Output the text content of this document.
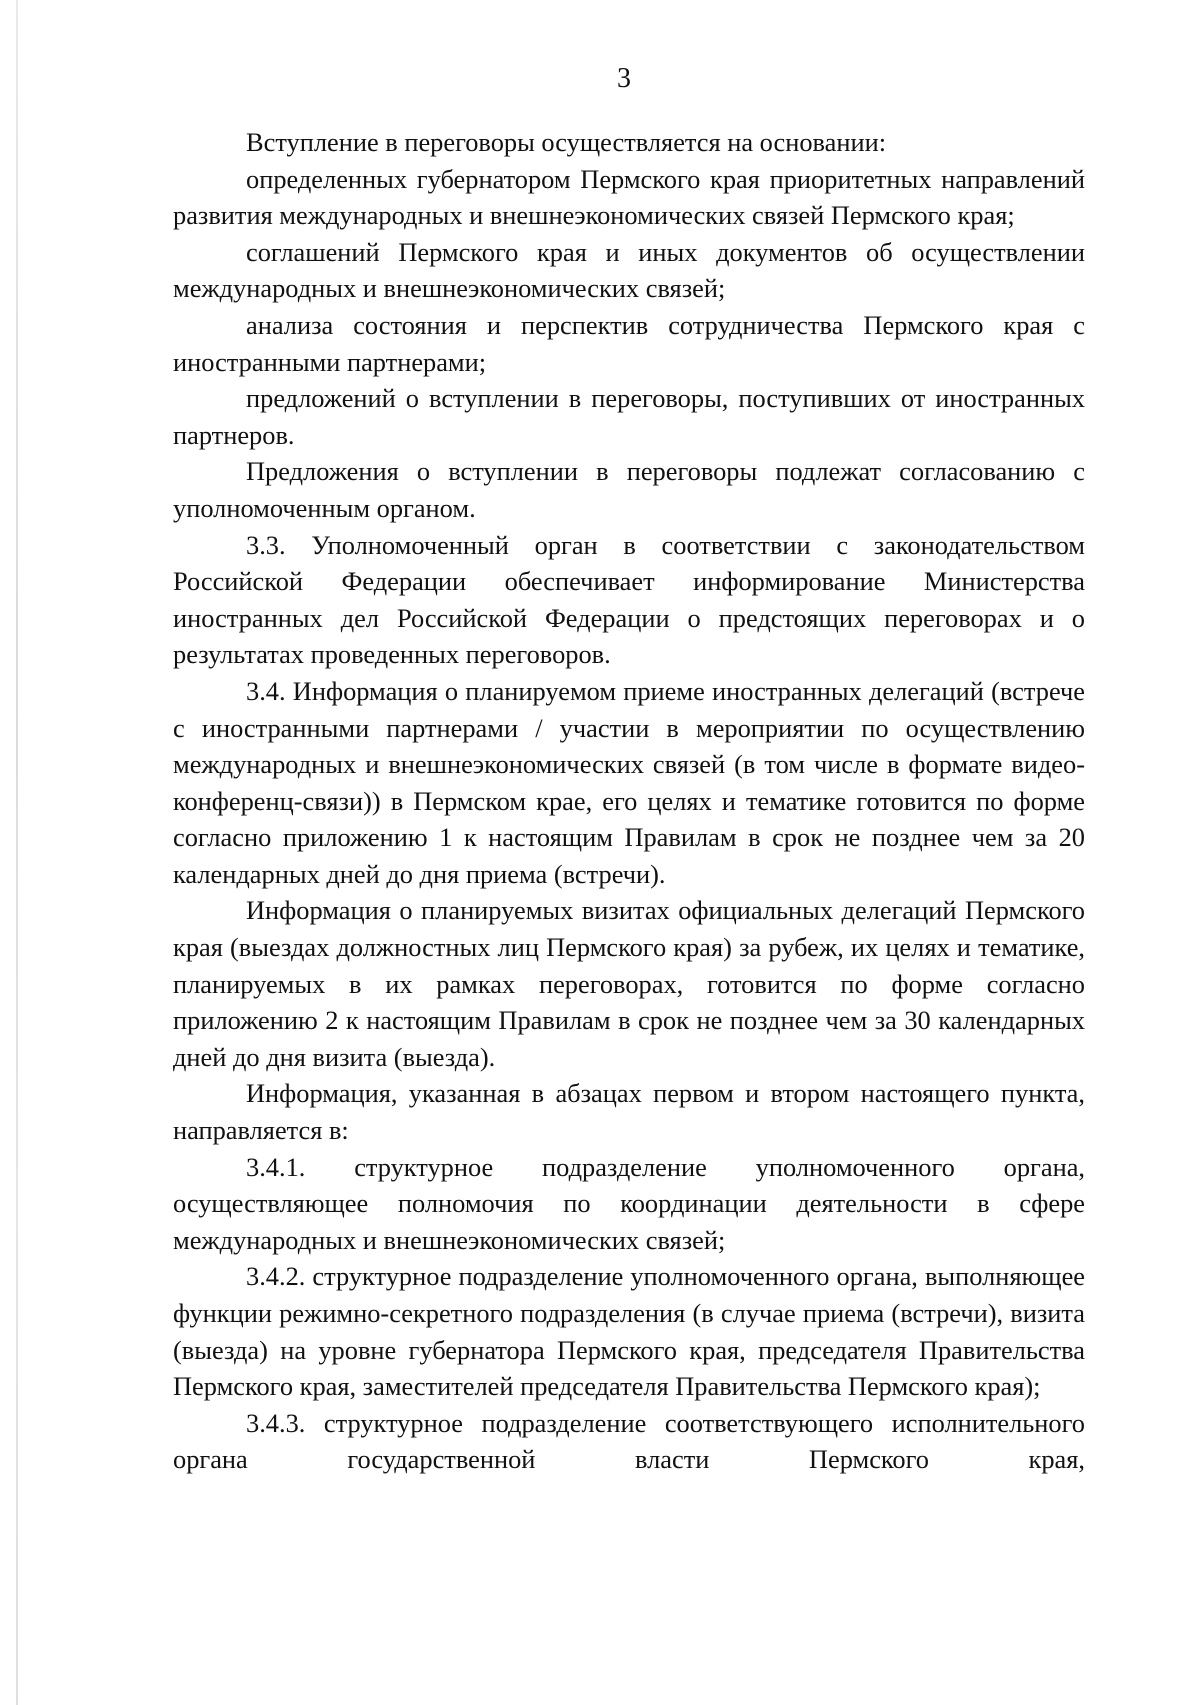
3

Вступление в переговоры осуществляется на основании:

определенных губернатором Пермского края приоритетных направлений развития международных и внешнеэкономических связей Пермского края;

соглашений Пермского края и иных документов об осуществлении международных и внешнеэкономических связей;

анализа состояния и перспектив сотрудничества Пермского края с иностранными партнерами;

предложений о вступлении в переговоры, поступивших от иностранных партнеров.

Предложения о вступлении в переговоры подлежат согласованию с уполномоченным органом.

3.3. Уполномоченный орган в соответствии с законодательством Российской Федерации обеспечивает информирование Министерства иностранных дел Российской Федерации о предстоящих переговорах и о результатах проведенных переговоров.

3.4. Информация о планируемом приеме иностранных делегаций (встрече с иностранными партнерами / участии в мероприятии по осуществлению международных и внешнеэкономических связей (в том числе в формате видео-конференц-связи)) в Пермском крае, его целях и тематике готовится по форме согласно приложению 1 к настоящим Правилам в срок не позднее чем за 20 календарных дней до дня приема (встречи).

Информация о планируемых визитах официальных делегаций Пермского края (выездах должностных лиц Пермского края) за рубеж, их целях и тематике, планируемых в их рамках переговорах, готовится по форме согласно приложению 2 к настоящим Правилам в срок не позднее чем за 30 календарных дней до дня визита (выезда).

Информация, указанная в абзацах первом и втором настоящего пункта, направляется в:

3.4.1. структурное подразделение уполномоченного органа, осуществляющее полномочия по координации деятельности в сфере международных и внешнеэкономических связей;

3.4.2. структурное подразделение уполномоченного органа, выполняющее функции режимно-секретного подразделения (в случае приема (встречи), визита (выезда) на уровне губернатора Пермского края, председателя Правительства Пермского края, заместителей председателя Правительства Пермского края);

3.4.3. структурное подразделение соответствующего исполнительного органа государственной власти Пермского края,
